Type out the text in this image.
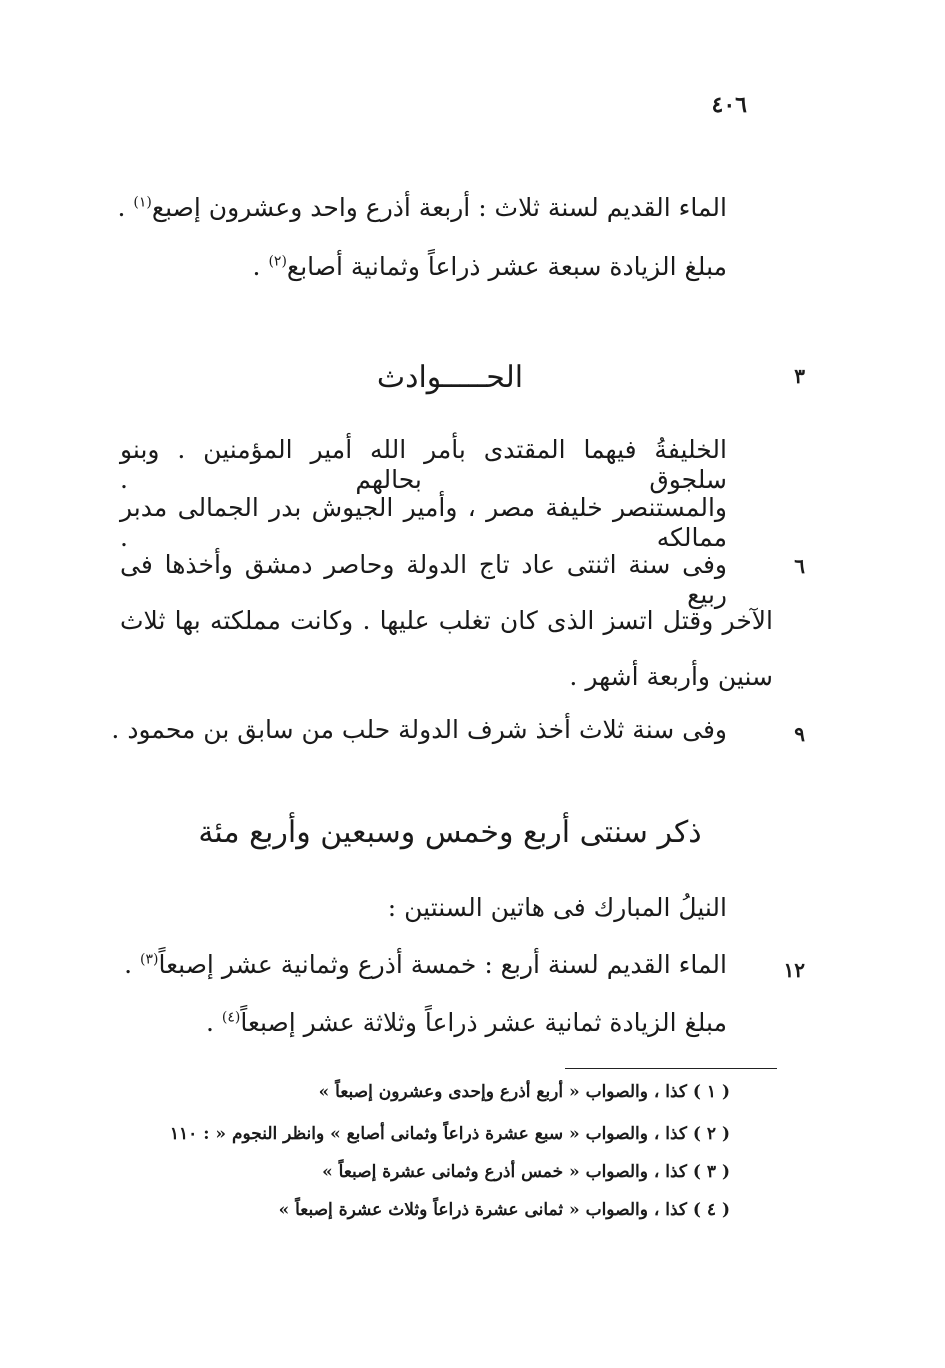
٤٠٦
الماء القديم لسنة ثلاث : أربعة أذرع واحد وعشرون إصبع$^{(١)}$ .
مبلغ الزيادة سبعة عشر ذراعاً وثمانية أصابع$^{(٢)}$ .
٣
الحـــــوادث
الخليفةُ فيهما المقتدى بأمر الله أمير المؤمنين . وبنو سلجوق بحالهم .
والمستنصر خليفة مصر ، وأمير الجيوش بدر الجمالى مدبر ممالكه .
٦
وفى سنة اثنتى عاد تاج الدولة وحاصر دمشق وأخذها فى ربيع
الآخر وقتل اتسز الذى كان تغلب عليها . وكانت مملكته بها ثلاث
سنين وأربعة أشهر .
٩
وفى سنة ثلاث أخذ شرف الدولة حلب من سابق بن محمود .
ذكر سنتى أربع وخمس وسبعين وأربع مئة
النيلُ المبارك فى هاتين السنتين :
١٢
الماء القديم لسنة أربع : خمسة أذرع وثمانية عشر إصبعاً$^{(٣)}$ .
مبلغ الزيادة ثمانية عشر ذراعاً وثلاثة عشر إصبعاً$^{(٤)}$ .
( ١ ) كذا ، والصواب « أربع أذرع وإحدى وعشرون إصبعاً »
( ٢ ) كذا ، والصواب « سبع عشرة ذراعاً وثمانى أصابع » وانظر النجوم « : ١١٠
( ٣ ) كذا ، والصواب « خمس أذرع وثمانى عشرة إصبعاً »
( ٤ ) كذا ، والصواب « ثمانى عشرة ذراعاً وثلاث عشرة إصبعاً »
